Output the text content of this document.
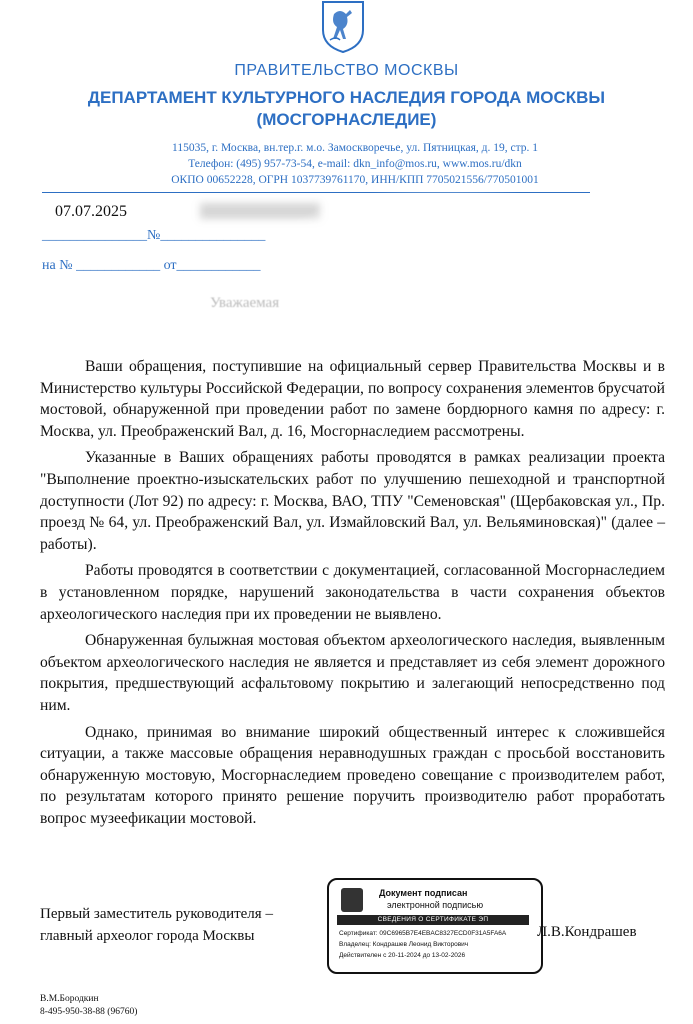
ПРАВИТЕЛЬСТВО МОСКВЫ
ДЕПАРТАМЕНТ КУЛЬТУРНОГО НАСЛЕДИЯ ГОРОДА МОСКВЫ
(МОСГОРНАСЛЕДИЕ)
115035, г. Москва, вн.тер.г. м.о. Замоскворечье, ул. Пятницкая, д. 19, стр. 1
Телефон: (495) 957-73-54, e-mail: dkn_info@mos.ru, www.mos.ru/dkn
ОКПО 00652228, ОГРН 1037739761170, ИНН/КПП 7705021556/770501001
07.07.2025
_______________№_______________
на № ____________ от____________
Уважаемая

Ваши обращения, поступившие на официальный сервер Правительства Москвы и в Министерство культуры Российской Федерации, по вопросу сохранения элементов брусчатой мостовой, обнаруженной при проведении работ по замене бордюрного камня по адресу: г. Москва, ул. Преображенский Вал, д. 16, Мосгорнаследием рассмотрены.

Указанные в Ваших обращениях работы проводятся в рамках реализации проекта "Выполнение проектно-изыскательских работ по улучшению пешеходной и транспортной доступности (Лот 92) по адресу: г. Москва, ВАО, ТПУ "Семеновская" (Щербаковская ул., Пр. проезд № 64, ул. Преображенский Вал, ул. Измайловский Вал, ул. Вельяминовская)" (далее – работы).

Работы проводятся в соответствии с документацией, согласованной Мосгорнаследием в установленном порядке, нарушений законодательства в части сохранения объектов археологического наследия при их проведении не выявлено.

Обнаруженная булыжная мостовая объектом археологического наследия, выявленным объектом археологического наследия не является и представляет из себя элемент дорожного покрытия, предшествующий асфальтовому покрытию и залегающий непосредственно под ним.

Однако, принимая во внимание широкий общественный интерес к сложившейся ситуации, а также массовые обращения неравнодушных граждан с просьбой восстановить обнаруженную мостовую, Мосгорнаследием проведено совещание с производителем работ, по результатам которого принято решение поручить производителю работ проработать вопрос музеефикации мостовой.

Первый заместитель руководителя –
главный археолог города Москвы
Документ подписан
электронной подписью
СВЕДЕНИЯ О СЕРТИФИКАТЕ ЭП
Сертификат: 09C6965B7E4EBAC8327ECD0F31A5FA6A
Владелец: Кондрашев Леонид Викторович
Действителен с 20-11-2024 до 13-02-2026
Л.В.Кондрашев
В.М.Бородкин
8-495-950-38-88 (96760)
